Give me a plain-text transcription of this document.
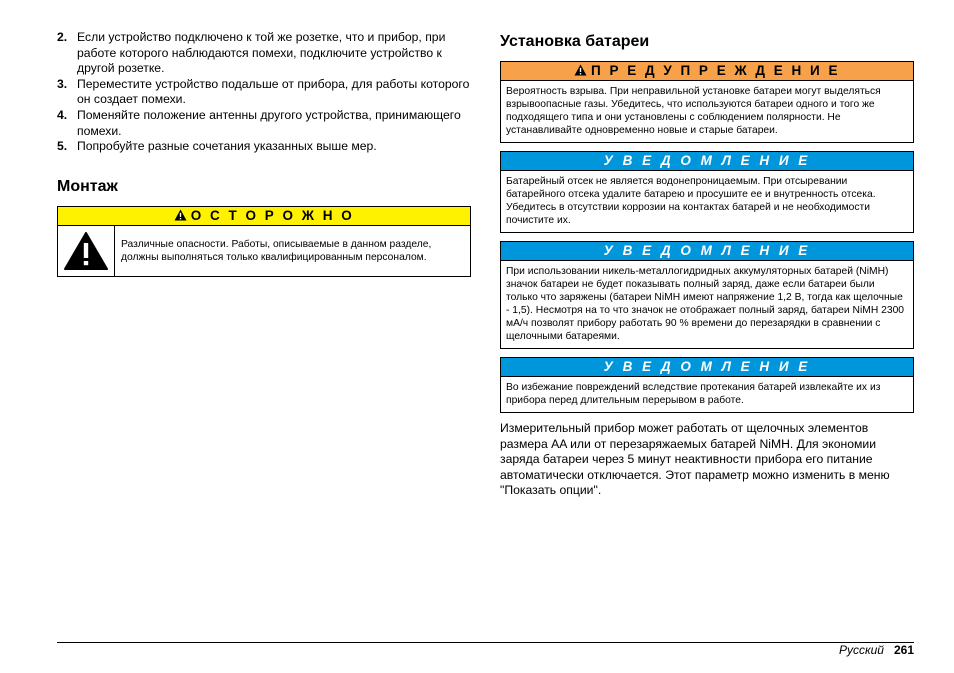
2. Если устройство подключено к той же розетке, что и прибор, при работе которого наблюдаются помехи, подключите устройство к другой розетке.
3. Переместите устройство подальше от прибора, для работы которого он создает помехи.
4. Поменяйте положение антенны другого устройства, принимающего помехи.
5. Попробуйте разные сочетания указанных выше мер.
Монтаж
О С Т О Р О Ж Н О
Различные опасности. Работы, описываемые в данном разделе, должны выполняться только квалифицированным персоналом.
Установка батареи
П Р Е Д У П Р Е Ж Д Е Н И Е
Вероятность взрыва. При неправильной установке батареи могут выделяться взрывоопасные газы. Убедитесь, что используются батареи одного и того же подходящего типа и они установлены с соблюдением полярности. Не устанавливайте одновременно новые и старые батареи.
У В Е Д О М Л Е Н И Е
Батарейный отсек не является водонепроницаемым. При отсыревании батарейного отсека удалите батарею и просушите ее и внутренность отсека. Убедитесь в отсутствии коррозии на контактах батарей и не необходимости почистите их.
У В Е Д О М Л Е Н И Е
При использовании никель-металлогидридных аккумуляторных батарей (NiMH) значок батареи не будет показывать полный заряд, даже если батареи были только что заряжены (батареи NiMH имеют напряжение 1,2 В, тогда как щелочные - 1,5). Несмотря на то что значок не отображает полный заряд, батареи NiMH 2300 мА/ч позволят прибору работать 90 % времени до перезарядки в сравнении с щелочными батареями.
У В Е Д О М Л Е Н И Е
Во избежание повреждений вследствие протекания батарей извлекайте их из прибора перед длительным перерывом в работе.
Измерительный прибор может работать от щелочных элементов размера AA или от перезаряжаемых батарей NiMH. Для экономии заряда батареи через 5 минут неактивности прибора его питание автоматически отключается. Этот параметр можно изменить в меню "Показать опции".
Русский 261
